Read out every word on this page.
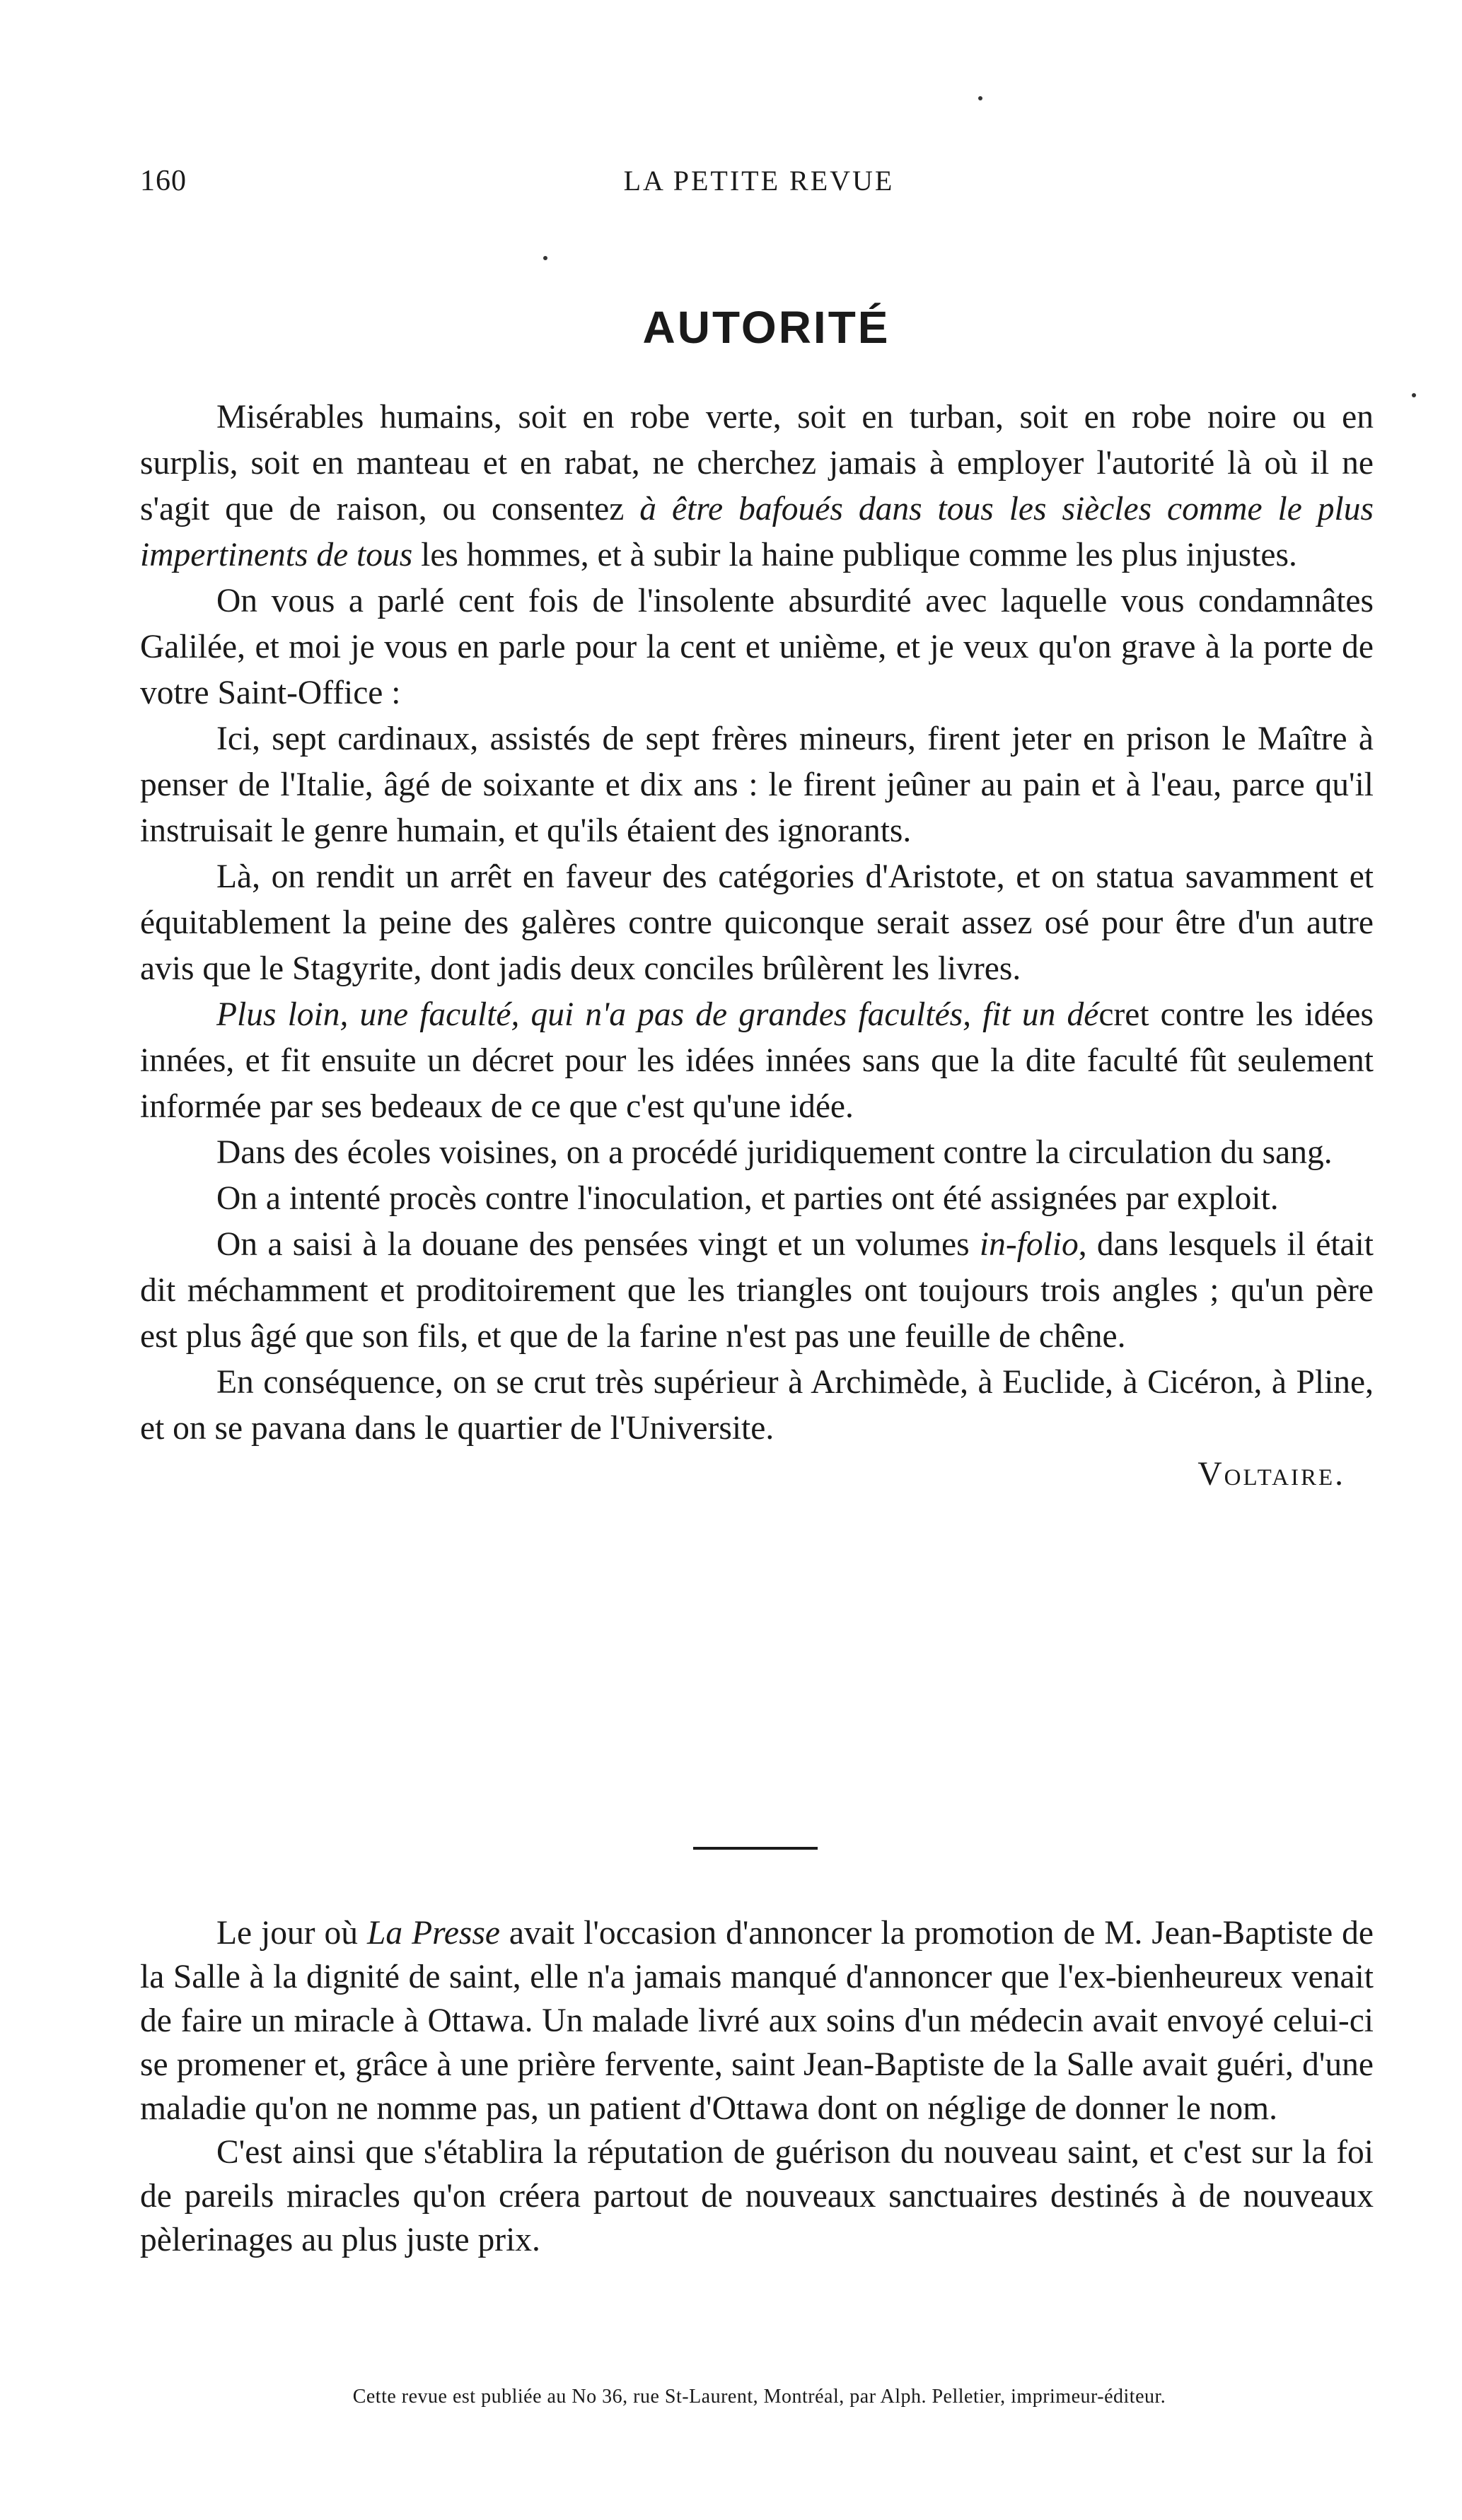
160	LA PETITE REVUE
AUTORITÉ

Misérables humains, soit en robe verte, soit en turban, soit en robe noire ou en surplis, soit en manteau et en rabat, ne cherchez jamais à employer l'autorité là où il ne s'agit que de raison, ou consentez à être bafoués dans tous les siècles comme le plus impertinents de tous les hommes, et à subir la haine publique comme les plus injustes.

On vous a parlé cent fois de l'insolente absurdité avec laquelle vous condamnâtes Galilée, et moi je vous en parle pour la cent et unième, et je veux qu'on grave à la porte de votre Saint-Office :

Ici, sept cardinaux, assistés de sept frères mineurs, firent jeter en prison le Maître à penser de l'Italie, âgé de soixante et dix ans : le firent jeûner au pain et à l'eau, parce qu'il instruisait le genre humain, et qu'ils étaient des ignorants.

Là, on rendit un arrêt en faveur des catégories d'Aristote, et on statua savamment et équitablement la peine des galères contre quiconque serait assez osé pour être d'un autre avis que le Stagyrite, dont jadis deux conciles brûlèrent les livres.

Plus loin, une faculté, qui n'a pas de grandes facultés, fit un décret contre les idées innées, et fit ensuite un décret pour les idées innées sans que la dite faculté fût seulement informée par ses bedeaux de ce que c'est qu'une idée.

Dans des écoles voisines, on a procédé juridiquement contre la circulation du sang.

On a intenté procès contre l'inoculation, et parties ont été assignées par exploit.

On a saisi à la douane des pensées vingt et un volumes in-folio, dans lesquels il était dit méchamment et proditoirement que les triangles ont toujours trois angles ; qu'un père est plus âgé que son fils, et que de la farine n'est pas une feuille de chêne.

En conséquence, on se crut très supérieur à Archimède, à Euclide, à Cicéron, à Pline, et on se pavana dans le quartier de l'Universite.

Voltaire.

Le jour où La Presse avait l'occasion d'annoncer la promotion de M. Jean-Baptiste de la Salle à la dignité de saint, elle n'a jamais manqué d'annoncer que l'ex-bienheureux venait de faire un miracle à Ottawa. Un malade livré aux soins d'un médecin avait envoyé celui-ci se promener et, grâce à une prière fervente, saint Jean-Baptiste de la Salle avait guéri, d'une maladie qu'on ne nomme pas, un patient d'Ottawa dont on néglige de donner le nom.

C'est ainsi que s'établira la réputation de guérison du nouveau saint, et c'est sur la foi de pareils miracles qu'on créera partout de nouveaux sanctuaires destinés à de nouveaux pèlerinages au plus juste prix.

Cette revue est publiée au No 36, rue St-Laurent, Montréal, par Alph. Pelletier, imprimeur-éditeur.
